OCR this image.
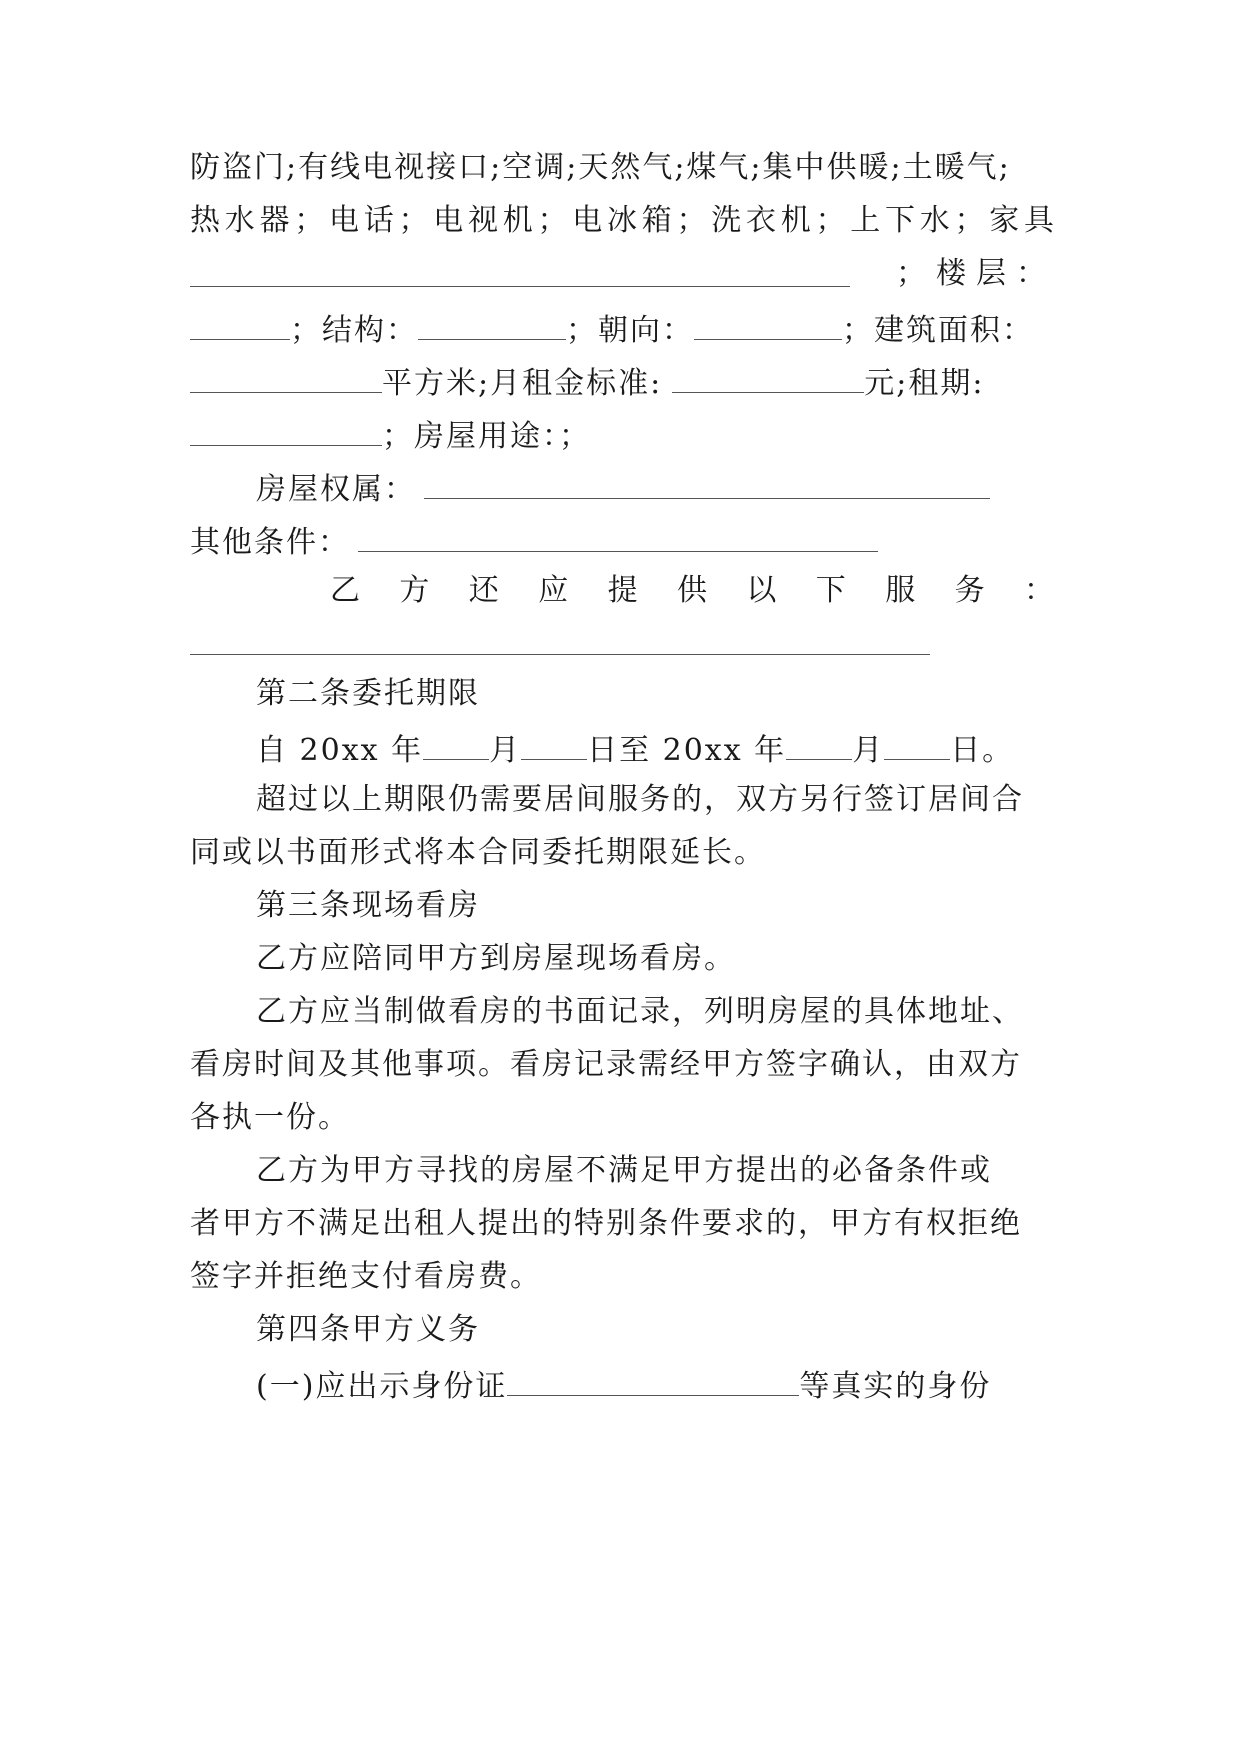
防盗门;有线电视接口;空调;天然气;煤气;集中供暖;土暖气;
热水器；电话；电视机；电冰箱；洗衣机；上下水；家具
；楼层：
；结构：	；朝向：	；建筑面积：
平方米;月租金标准:	元;租期:
；房屋用途：；
房屋权属：
其他条件：
乙方还应提供以下服务：
第二条委托期限
自 20xx 年 月 日至 20xx 年 月 日。
超过以上期限仍需要居间服务的，双方另行签订居间合
同或以书面形式将本合同委托期限延长。
第三条现场看房
乙方应陪同甲方到房屋现场看房。
乙方应当制做看房的书面记录，列明房屋的具体地址、
看房时间及其他事项。看房记录需经甲方签字确认，由双方
各执一份。
乙方为甲方寻找的房屋不满足甲方提出的必备条件或
者甲方不满足出租人提出的特别条件要求的，甲方有权拒绝
签字并拒绝支付看房费。
第四条甲方义务
(一)应出示身份证	等真实的身份
